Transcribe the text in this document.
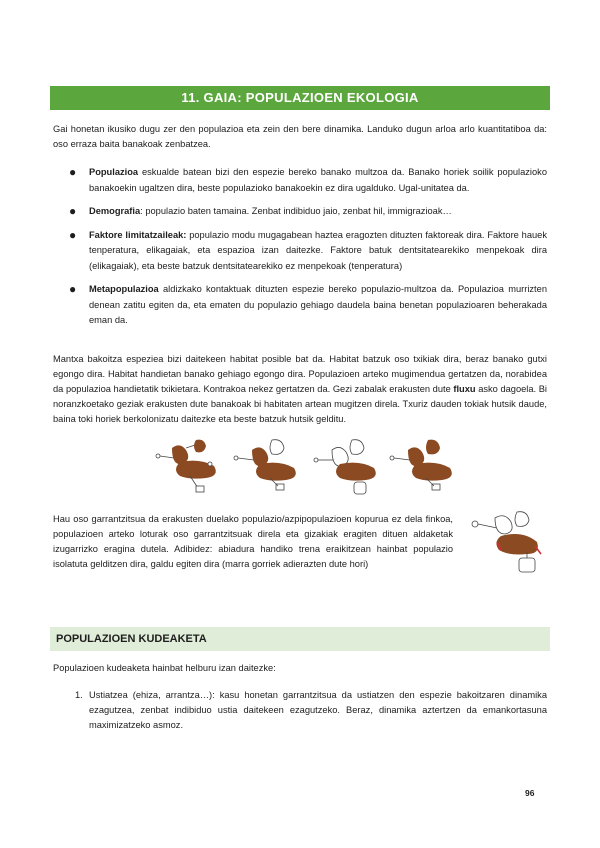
11. GAIA: POPULAZIOEN EKOLOGIA

Gai honetan ikusiko dugu zer den populazioa eta zein den bere dinamika. Landuko dugun arloa arlo kuantitatiboa da: oso erraza baita banakoak zenbatzea.

● Populazioa eskualde batean bizi den espezie bereko banako multzoa da. Banako horiek soilik populazioko banakoekin ugaltzen dira, beste populazioko banakoekin ez dira ugalduko. Ugal-unitatea da.
● Demografia: populazio baten tamaina. Zenbat indibiduo jaio, zenbat hil, immigrazioak…
● Faktore limitatzaileak: populazio modu mugagabean haztea eragozten dituzten faktoreak dira. Faktore hauek tenperatura, elikagaiak, eta espazioa izan daitezke. Faktore batuk dentsitatearekiko menpekoak dira (elikagaiak), eta beste batzuk dentsitatearekiko ez menpekoak (tenperatura)
● Metapopulazioa aldizkako kontaktuak dituzten espezie bereko populazio-multzoa da. Populazioa murrizten denean zatitu egiten da, eta ematen du populazio gehiago daudela baina benetan populazioaren beherakada eman da.

Mantxa bakoitza espeziea bizi daitekeen habitat posible bat da. Habitat batzuk oso txikiak dira, beraz banako gutxi egongo dira. Habitat handietan banako gehiago egongo dira. Populazioen arteko mugimendua gertatzen da, norabidea da populazioa handietatik txikietara. Kontrakoa nekez gertatzen da. Gezi zabalak erakusten dute fluxu asko dagoela. Bi noranzkoetako geziak erakusten dute banakoak bi habitaten artean mugitzen direla. Txuriz dauden tokiak hutsik daude, baina toki horiek berkolonizatu daitezke eta beste batzuk hutsik gelditu.

Hau oso garrantzitsua da erakusten duelako populazio/azpipopulazioen kopurua ez dela finkoa, populazioen arteko loturak oso garrantzitsuak direla eta gizakiak eragiten dituen aldaketak izugarrizko eragina dutela. Adibidez: abiadura handiko trena eraikitzean hainbat populazio isolatuta gelditzen dira, galdu egiten dira (marra gorriek adierazten dute hori)

POPULAZIOEN KUDEAKETA

Populazioen kudeaketa hainbat helburu izan daitezke:

1. Ustiatzea (ehiza, arrantza…): kasu honetan garrantzitsua da ustiatzen den espezie bakoitzaren dinamika ezagutzea, zenbat indibiduo ustia daitekeen ezagutzeko. Beraz, dinamika aztertzen da emankortasuna maximizatzeko asmoz.
96
